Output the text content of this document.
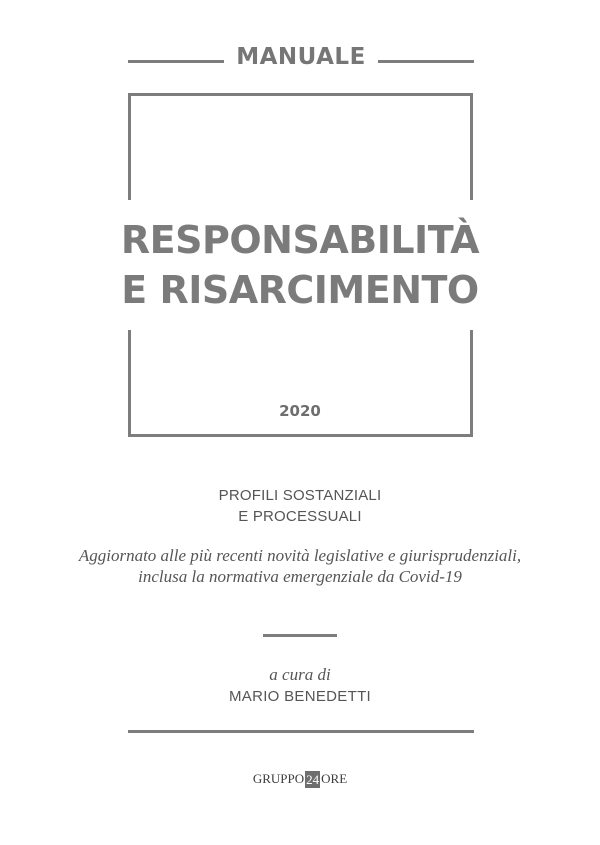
MANUALE
RESPONSABILITÀ
E RISARCIMENTO
2020
PROFILI SOSTANZIALI
E PROCESSUALI
Aggiornato alle più recenti novità legislative e giurisprudenziali,
inclusa la normativa emergenziale da Covid-19
a cura di
MARIO BENEDETTI
GRUPPO 24 ORE
